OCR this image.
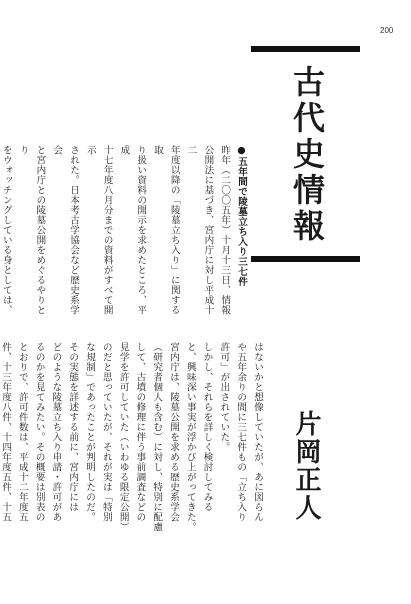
200
古代史情報
片岡正人
●五年間で陵墓立ち入り三七件
昨年（二〇〇五年）十月十三日、情報
公開法に基づき、宮内庁に対し平成十二
年度以降の「陵墓立ち入り」に関する取
り扱い資料の開示を求めたところ、平成
十七年度八月分までの資料がすべて開示
された。日本考古学協会など歴史系学会
と宮内庁との陵墓公開をめぐるやりとり
をウォッチングしている身としては、
はないかと想像していたが、あに図らん
や五年余りの間に三七件もの「立ち入り
許可」が出されていた。
しかし、それらを詳しく検討してみる
と、興味深い事実が浮かび上がってきた。
宮内庁は、陵墓公開を求める歴史系学会
（研究者個人も含む）に対し、特別に配慮
して、古墳の修理に伴う事前調査などの
見学を許可していた（いわゆる限定公開）
のだと思っていたが、それが実は「特別
な規制」であったことが判明したのだ。
その実態を詳述する前に、宮内庁には
どのような陵墓立ち入り申請・許可があ
るのかを見てみたい。その概要は別表の
とおりで、許可件数は、平成十二年度五
件、十三年度八件、十四年度五件、十五
